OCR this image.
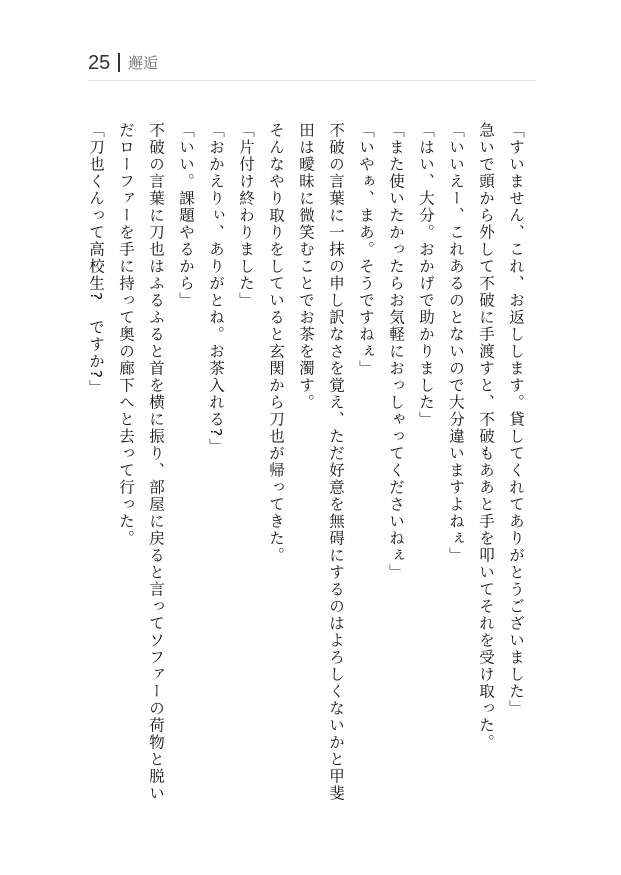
25 邂逅
「すいません、これ、お返しします。貸してくれてありがとうございました」
急いで頭から外して不破に手渡すと、不破もああと手を叩いてそれを受け取った。
「いいえー、これあるのとないので大分違いますよねぇ」
「はい、大分。おかげで助かりました」
「また使いたかったらお気軽におっしゃってくださいねぇ」
「いやぁ、まあ。そうですねぇ」
不破の言葉に一抹の申し訳なさを覚え、ただ好意を無碍にするのはよろしくないかと甲斐
田は曖昧に微笑むことでお茶を濁す。
そんなやり取りをしていると玄関から刀也が帰ってきた。
「片付け終わりました」
「おかえりぃ、ありがとね。お茶入れる?」
「いい。課題やるから」
不破の言葉に刀也はふるふると首を横に振り、部屋に戻ると言ってソファーの荷物と脱い
だローファーを手に持って奥の廊下へと去って行った。
「刀也くんって高校生?　ですか?」
